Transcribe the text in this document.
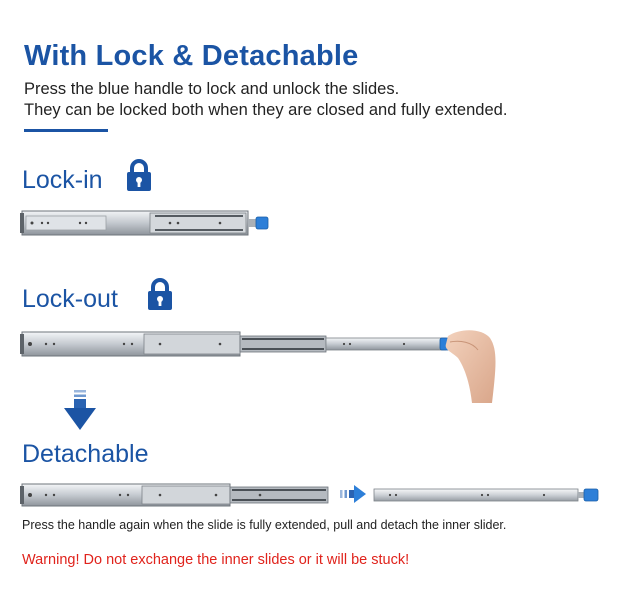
With Lock & Detachable
Press the blue handle to lock and unlock the slides.
They can be locked both when they are closed and fully extended.
Lock-in
Lock-out
Detachable
Press the handle again when the slide is fully extended, pull and detach the inner slider.
Warning! Do not exchange the inner slides or it will be stuck!
